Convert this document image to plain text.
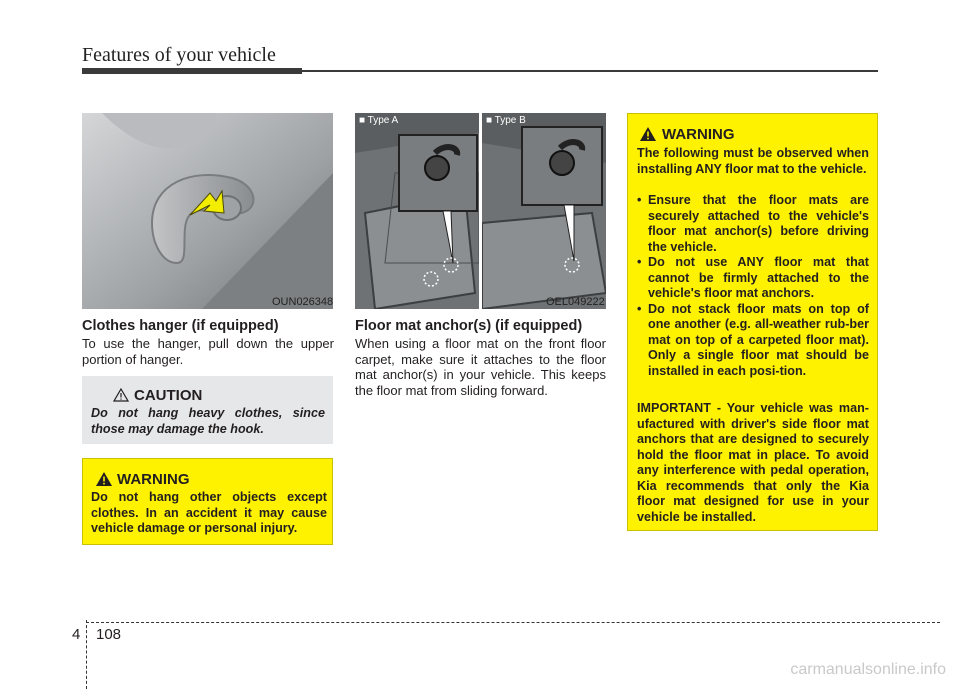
Features of your vehicle
OUN026348
Clothes hanger (if equipped)
To use the hanger, pull down the upper portion of hanger.
CAUTION
Do not hang heavy clothes, since those may damage the hook.
WARNING
Do not hang other objects except clothes. In an accident it may cause vehicle damage or personal injury.
■ Type A	■ Type B
OEL049222
Floor mat anchor(s) (if equipped)
When using a floor mat on the front floor carpet, make sure it attaches to the floor mat anchor(s) in your vehicle. This keeps the floor mat from sliding forward.
WARNING
The following must be observed when installing ANY floor mat to the vehicle.
• Ensure that the floor mats are securely attached to the vehicle's floor mat anchor(s) before driving the vehicle.
• Do not use ANY floor mat that cannot be firmly attached to the vehicle's floor mat anchors.
• Do not stack floor mats on top of one another (e.g. all-weather rub-ber mat on top of a carpeted floor mat). Only a single floor mat should be installed in each posi-tion.
IMPORTANT - Your vehicle was man-ufactured with driver's side floor mat anchors that are designed to securely hold the floor mat in place. To avoid any interference with pedal operation, Kia recommends that only the Kia floor mat designed for use in your vehicle be installed.
4 108
carmanualsonline.info
